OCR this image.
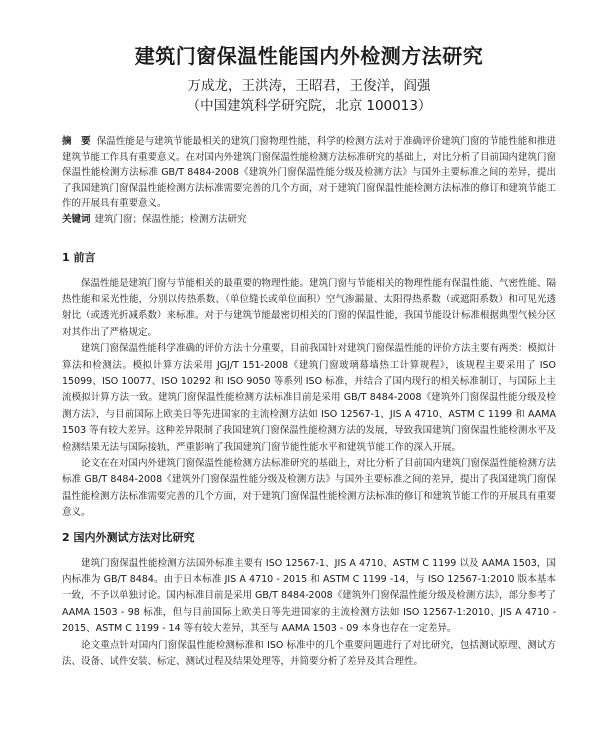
建筑门窗保温性能国内外检测方法研究
万成龙，王洪涛，王昭君，王俊洋，阎强
（中国建筑科学研究院，北京 100013）
摘　要 保温性能是与建筑节能最相关的建筑门窗物理性能，科学的检测方法对于准确评价建筑门窗的节能性能和推进建筑节能工作具有重要意义。在对国内外建筑门窗保温性能检测方法标准研究的基础上，对比分析了目前国内建筑门窗保温性能检测方法标准 GB/T 8484-2008《建筑外门窗保温性能分级及检测方法》与国外主要标准之间的差异，提出了我国建筑门窗保温性能检测方法标准需要完善的几个方面，对于建筑门窗保温性能检测方法标准的修订和建筑节能工作的开展具有重要意义。
关键词 建筑门窗；保温性能；检测方法研究
1 前言

保温性能是建筑门窗与节能相关的最重要的物理性能。建筑门窗与节能相关的物理性能有保温性能、气密性能、隔热性能和采光性能，分别以传热系数、（单位缝长或单位面积）空气渗漏量、太阳得热系数（或遮阳系数）和可见光透射比（或透光折减系数）来标准。对于与建筑节能最密切相关的门窗的保温性能，我国节能设计标准根据典型气候分区对其作出了严格规定。

建筑门窗保温性能科学准确的评价方法十分重要，目前我国针对建筑门窗保温性能的评价方法主要有两类：模拟计算法和检测法。模拟计算方法采用 JGJ/T 151-2008《建筑门窗玻璃幕墙热工计算规程》，该规程主要采用了 ISO 15099、ISO 10077、ISO 10292 和 ISO 9050 等系列 ISO 标准，并结合了国内现行的相关标准制订，与国际上主流模拟计算方法一致。建筑门窗保温性能检测方法标准目前是采用 GB/T 8484-2008《建筑外门窗保温性能分级及检测方法》，与目前国际上欧美日等先进国家的主流检测方法如 ISO 12567-1、JIS A 4710、ASTM C 1199 和 AAMA 1503 等有较大差异。这种差异限制了我国建筑门窗保温性能检测方法的发展，导致我国建筑门窗保温性能检测水平及检测结果无法与国际接轨，严重影响了我国建筑门窗节能性能水平和建筑节能工作的深入开展。

论文在在对国内外建筑门窗保温性能检测方法标准研究的基础上，对比分析了目前国内建筑门窗保温性能检测方法标准 GB/T 8484-2008《建筑外门窗保温性能分级及检测方法》与国外主要标准之间的差异，提出了我国建筑门窗保温性能检测方法标准需要完善的几个方面，对于建筑门窗保温性能检测方法标准的修订和建筑节能工作的开展具有重要意义。

2 国内外测试方法对比研究

建筑门窗保温性能检测方法国外标准主要有 ISO 12567-1、JIS A 4710、ASTM C 1199 以及 AAMA 1503，国内标准为 GB/T 8484。由于日本标准 JIS A 4710 - 2015 和 ASTM C 1199 -14，与 ISO 12567-1:2010 版本基本一致，不予以单独讨论。国内标准目前是采用 GB/T 8484-2008《建筑外门窗保温性能分级及检测方法》，部分参考了 AAMA 1503 - 98 标准，但与目前国际上欧美日等先进国家的主流检测方法如 ISO 12567-1:2010、JIS A 4710 - 2015、ASTM C 1199 - 14 等有较大差异，其至与 AAMA 1503 - 09 本身也存在一定差异。

论文重点针对国内门窗保温性能检测标准和 ISO 标准中的几个重要问题进行了对比研究，包括测试原理、测试方法、设备、试件安装、标定、测试过程及结果处理等，并简要分析了差异及其合理性。
